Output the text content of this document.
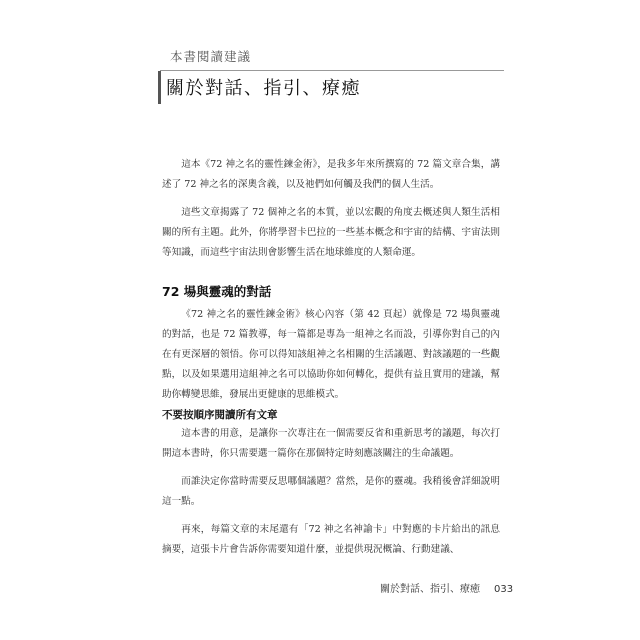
本書閱讀建議
關於對話、指引、療癒

這本《72 神之名的靈性鍊金術》，是我多年來所撰寫的 72 篇文章合集，講述了 72 神之名的深奧含義，以及祂們如何觸及我們的個人生活。

這些文章揭露了 72 個神之名的本質，並以宏觀的角度去概述與人類生活相關的所有主題。此外，你將學習卡巴拉的一些基本概念和宇宙的結構、宇宙法則等知識，而這些宇宙法則會影響生活在地球維度的人類命運。

72 場與靈魂的對話

《72 神之名的靈性鍊金術》核心內容（第 42 頁起）就像是 72 場與靈魂的對話，也是 72 篇教導，每一篇都是專為一組神之名而設，引導你對自己的內在有更深層的領悟。你可以得知該組神之名相關的生活議題、對該議題的一些觀點，以及如果選用這組神之名可以協助你如何轉化，提供有益且實用的建議，幫助你轉變思維，發展出更健康的思維模式。

不要按順序閱讀所有文章

這本書的用意，是讓你一次專注在一個需要反省和重新思考的議題，每次打開這本書時，你只需要選一篇你在那個特定時刻應該關注的生命議題。

而誰決定你當時需要反思哪個議題？當然，是你的靈魂。我稍後會詳細說明這一點。

再來，每篇文章的末尾還有「72 神之名神諭卡」中對應的卡片給出的訊息摘要，這張卡片會告訴你需要知道什麼，並提供現況概論、行動建議、

關於對話、指引、療癒 033
